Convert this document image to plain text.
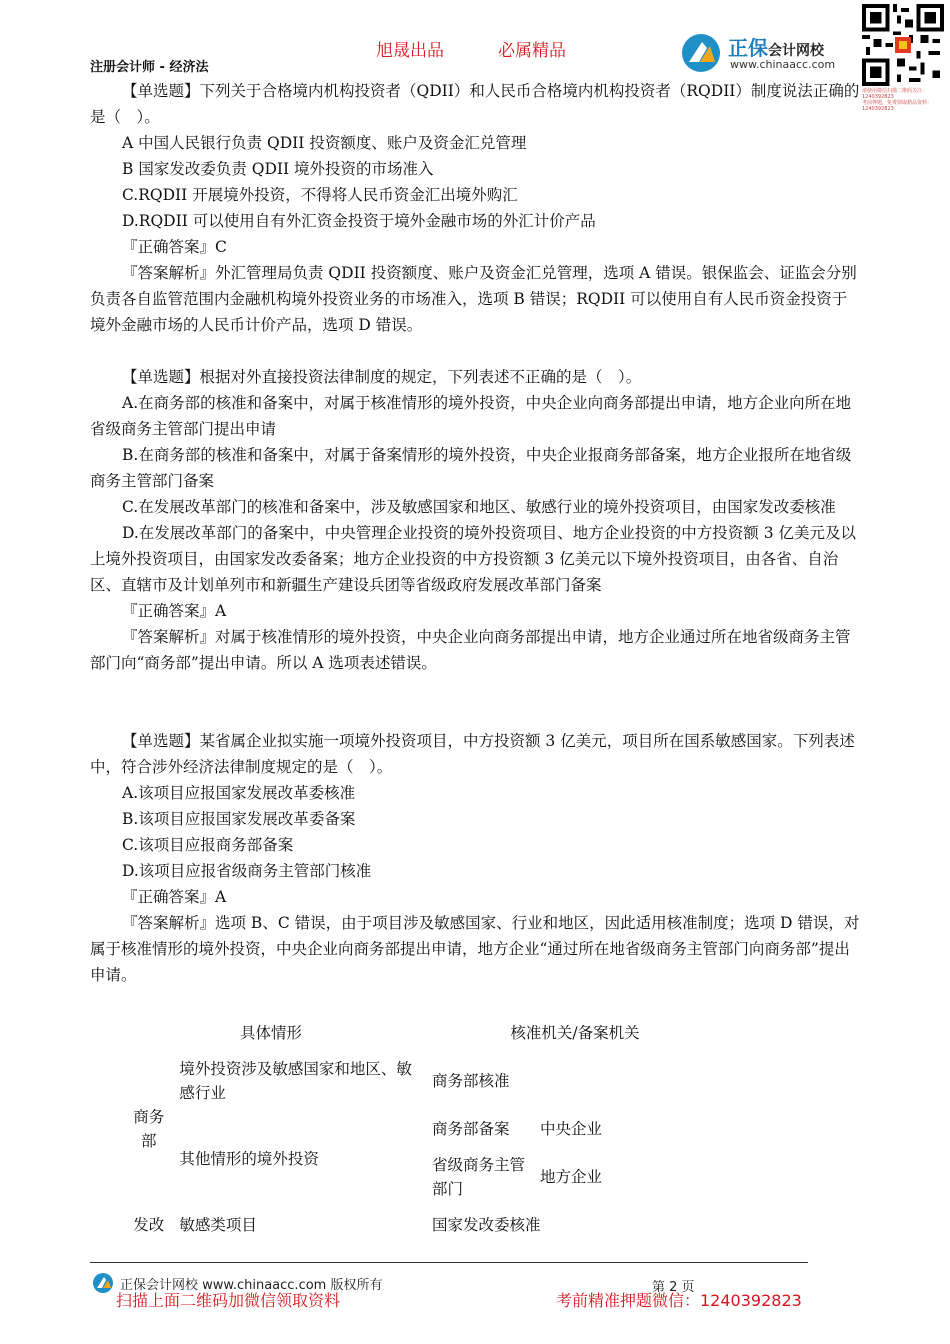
旭晟出品	必属精品
注册会计师 - 经济法
正保会计网校
www.chinaacc.com
请使用微信扫描二维码关注：1240392823
考前押题，免费领取精品资料：1240392823

【单选题】下列关于合格境内机构投资者（QDII）和人民币合格境内机构投资者（RQDII）制度说法正确的是（　）。

A 中国人民银行负责 QDII 投资额度、账户及资金汇兑管理

B 国家发改委负责 QDII 境外投资的市场准入

C.RQDII 开展境外投资，不得将人民币资金汇出境外购汇

D.RQDII 可以使用自有外汇资金投资于境外金融市场的外汇计价产品

『正确答案』C

『答案解析』外汇管理局负责 QDII 投资额度、账户及资金汇兑管理，选项 A 错误。银保监会、证监会分别负责各自监管范围内金融机构境外投资业务的市场准入，选项 B 错误；RQDII 可以使用自有人民币资金投资于境外金融市场的人民币计价产品，选项 D 错误。

【单选题】根据对外直接投资法律制度的规定，下列表述不正确的是（　）。

A.在商务部的核准和备案中，对属于核准情形的境外投资，中央企业向商务部提出申请，地方企业向所在地省级商务主管部门提出申请

B.在商务部的核准和备案中，对属于备案情形的境外投资，中央企业报商务部备案，地方企业报所在地省级商务主管部门备案

C.在发展改革部门的核准和备案中，涉及敏感国家和地区、敏感行业的境外投资项目，由国家发改委核准

D.在发展改革部门的备案中，中央管理企业投资的境外投资项目、地方企业投资的中方投资额 3 亿美元及以上境外投资项目，由国家发改委备案；地方企业投资的中方投资额 3 亿美元以下境外投资项目，由各省、自治区、直辖市及计划单列市和新疆生产建设兵团等省级政府发展改革部门备案

『正确答案』A

『答案解析』对属于核准情形的境外投资，中央企业向商务部提出申请，地方企业通过所在地省级商务主管部门向“商务部”提出申请。所以 A 选项表述错误。

【单选题】某省属企业拟实施一项境外投资项目，中方投资额 3 亿美元，项目所在国系敏感国家。下列表述中，符合涉外经济法律制度规定的是（　）。

A.该项目应报国家发展改革委核准

B.该项目应报国家发展改革委备案

C.该项目应报商务部备案

D.该项目应报省级商务主管部门核准

『正确答案』A

『答案解析』选项 B、C 错误，由于项目涉及敏感国家、行业和地区，因此适用核准制度；选项 D 错误，对属于核准情形的境外投资，中央企业向商务部提出申请，地方企业“通过所在地省级商务主管部门向商务部”提出申请。

具体情形		核准机关/备案机关	
商务部	境外投资涉及敏感国家和地区、敏感行业	商务部核准	
	其他情形的境外投资	商务部备案	中央企业
		省级商务主管部门	地方企业
发改	敏感类项目	国家发改委核准	
正保会计网校 www.chinaacc.com 版权所有	第 2 页
扫描上面二维码加微信领取资料	考前精准押题微信：1240392823
